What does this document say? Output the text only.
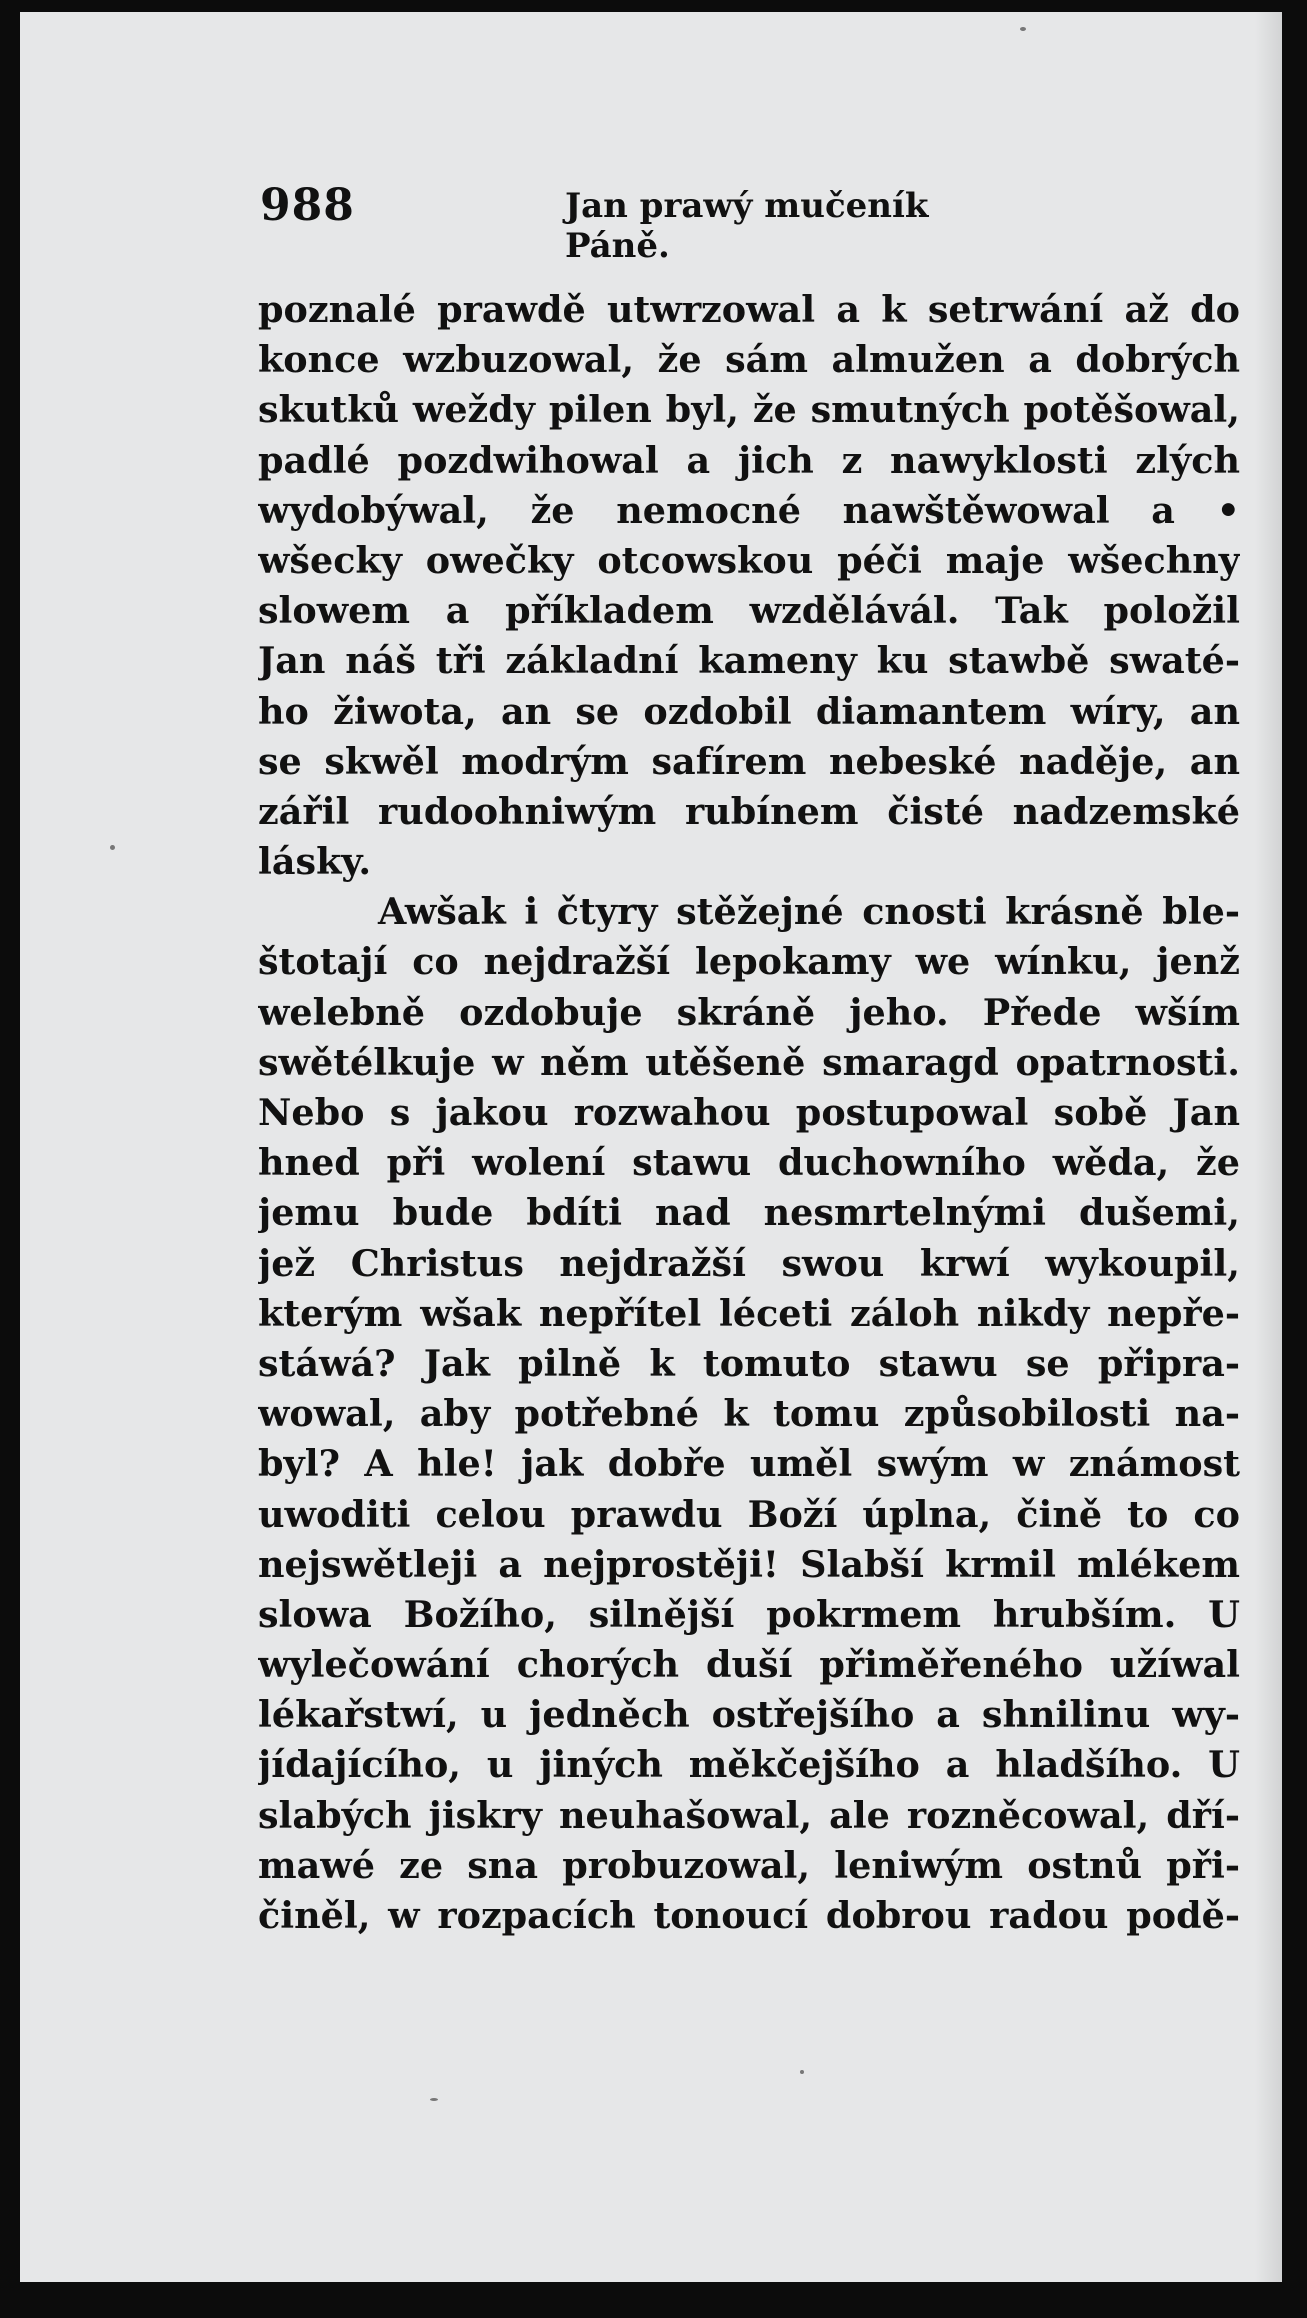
988	Jan prawý mučeník Páně.
poznalé prawdě utwrzowal a k setrwání až do
konce wzbuzowal, že sám almužen a dobrých
skutků weždy pilen byl, že smutných potěšowal,
padlé pozdwihowal a jich z nawyklosti zlých
wydobýwal, že nemocné nawštěwowal a •
wšecky owečky otcowskou péči maje wšechny
slowem a příkladem wzdělávál. Tak položil
Jan náš tři základní kameny ku stawbě swaté-
ho žiwota, an se ozdobil diamantem wíry, an
se skwěl modrým safírem nebeské naděje, an
zářil rudoohniwým rubínem čisté nadzemské
lásky.
Awšak i čtyry stěžejné cnosti krásně ble-
štotají co nejdražší lepokamy we wínku, jenž
welebně ozdobuje skráně jeho. Přede wším
swětélkuje w něm utěšeně smaragd opatrnosti.
Nebo s jakou rozwahou postupowal sobě Jan
hned při wolení stawu duchowního wěda, že
jemu bude bdíti nad nesmrtelnými dušemi,
jež Christus nejdražší swou krwí wykoupil,
kterým wšak nepřítel léceti záloh nikdy nepře-
stáwá? Jak pilně k tomuto stawu se připra-
wowal, aby potřebné k tomu způsobilosti na-
byl? A hle! jak dobře uměl swým w známost
uwoditi celou prawdu Boží úplna, čině to co
nejswětleji a nejprostěji! Slabší krmil mlékem
slowa Božího, silnější pokrmem hrubším. U
wylečowání chorých duší přiměřeného užíwal
lékařstwí, u jedněch ostřejšího a shnilinu wy-
jídajícího, u jiných měkčejšího a hladšího. U
slabých jiskry neuhašowal, ale rozněcowal, dří-
mawé ze sna probuzowal, leniwým ostnů při-
činěl, w rozpacích tonoucí dobrou radou podě-
